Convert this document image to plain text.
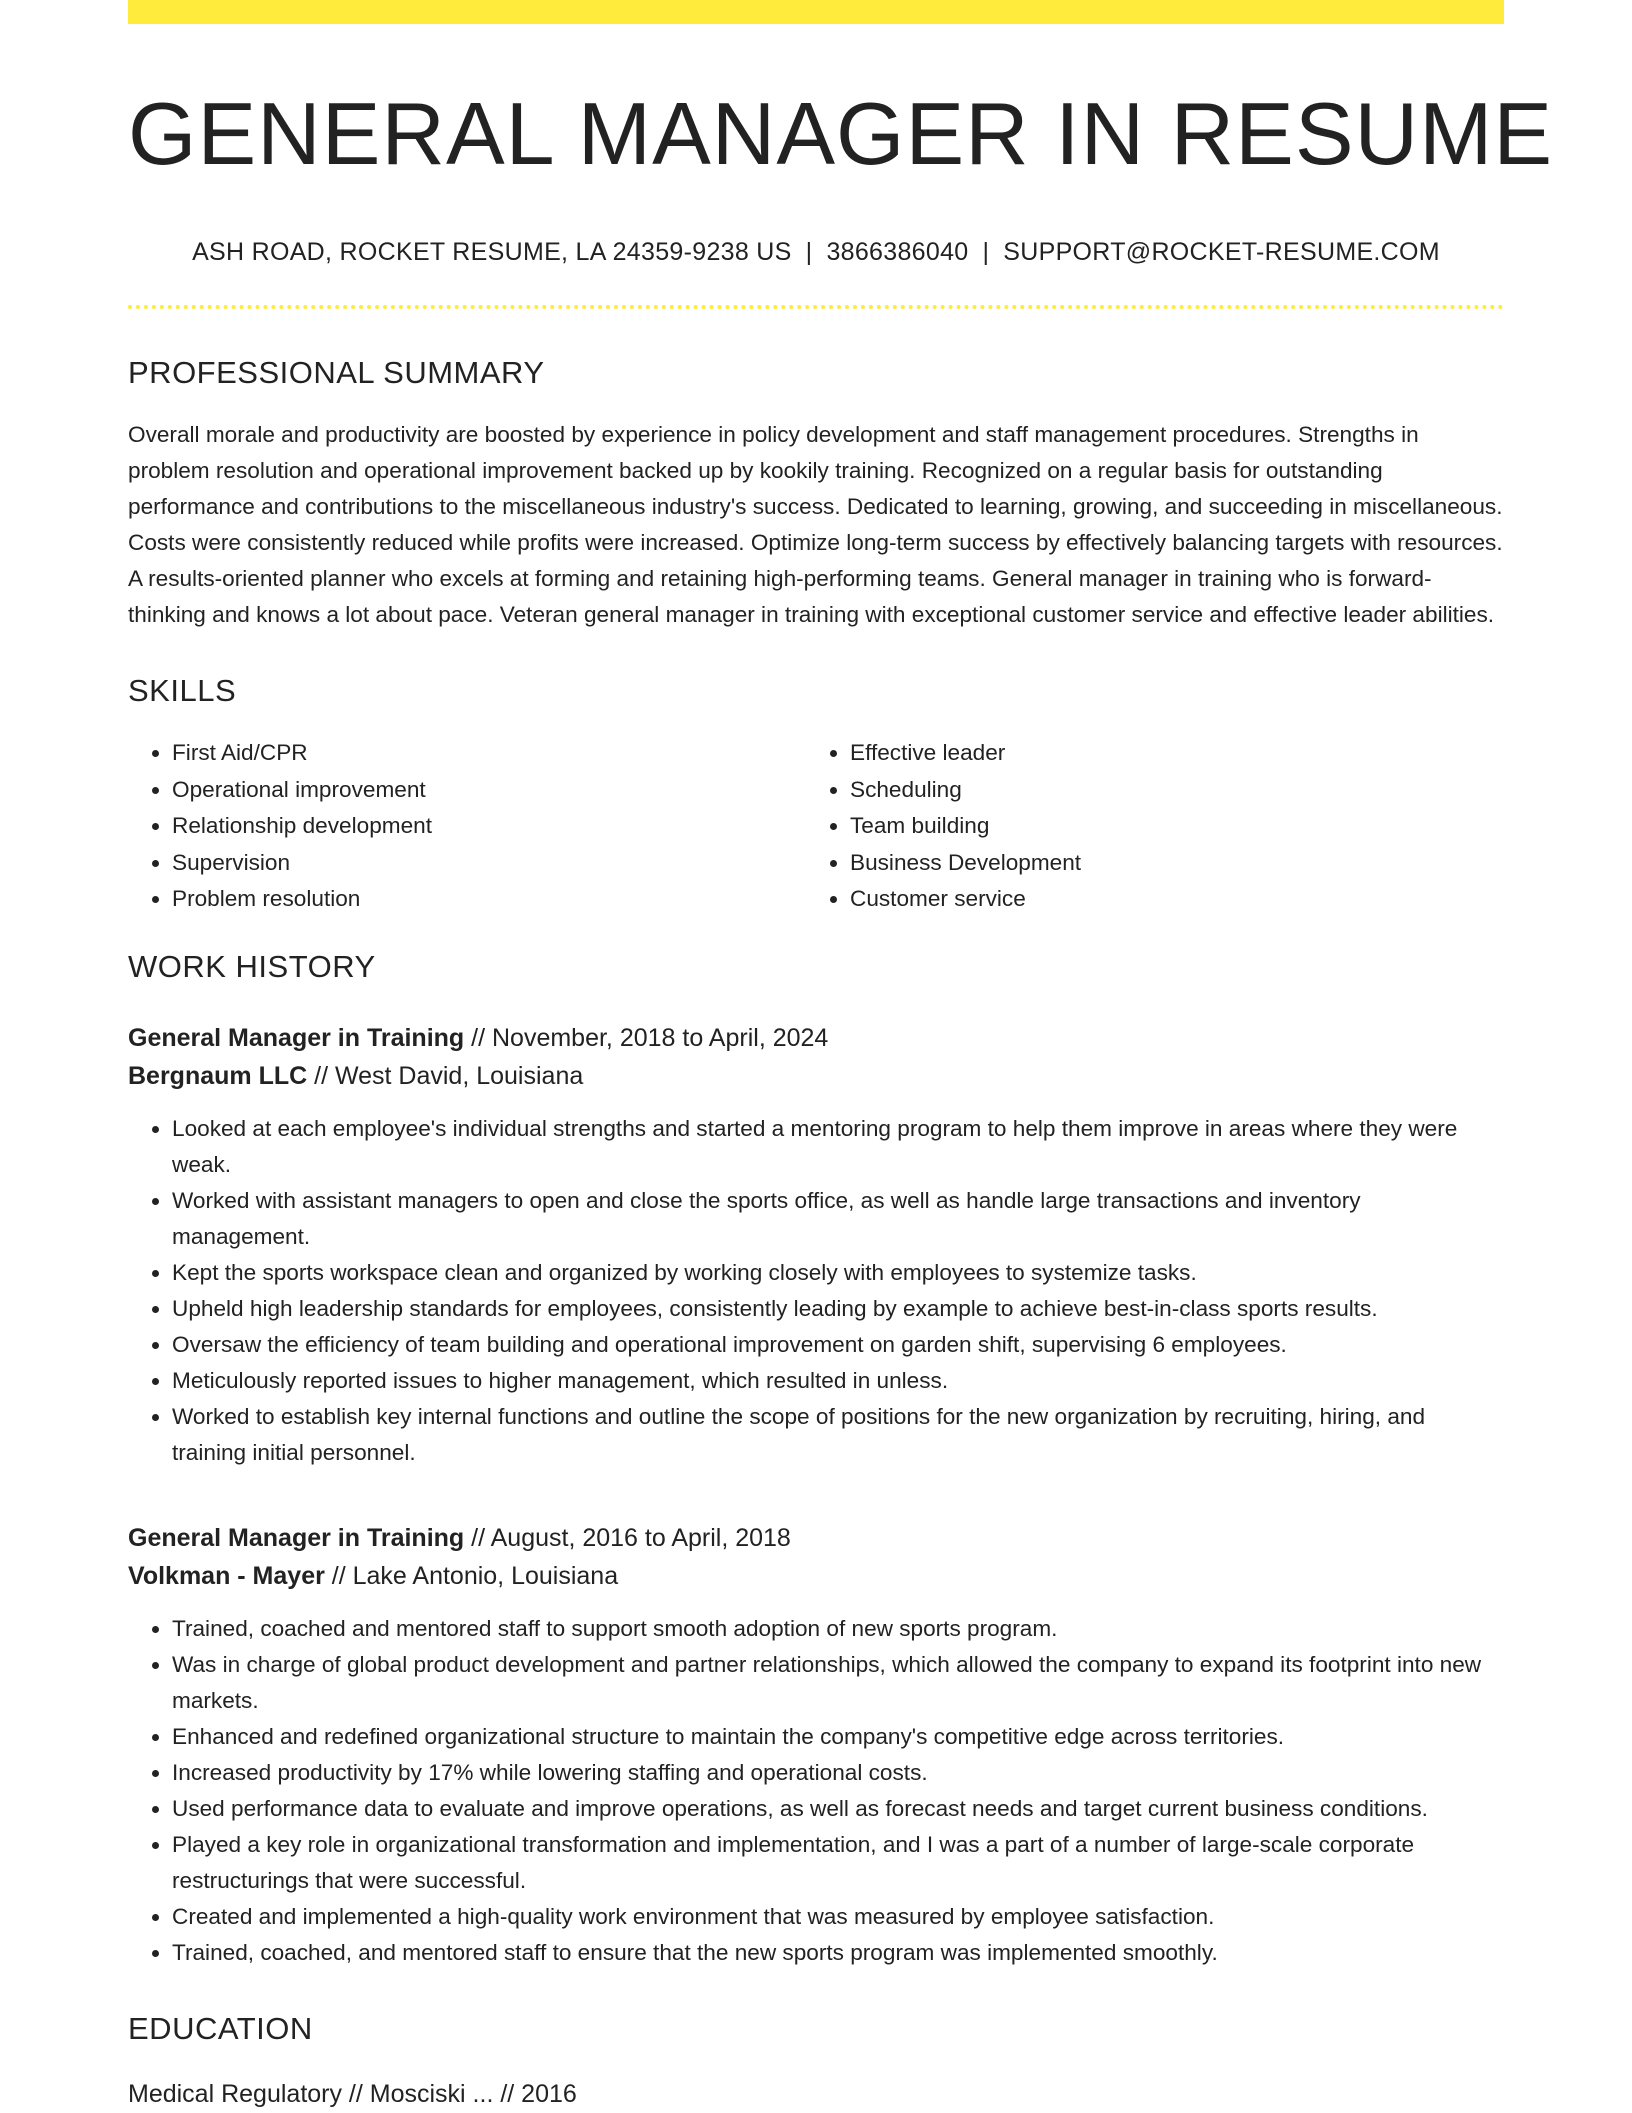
GENERAL MANAGER IN RESUME
ASH ROAD, ROCKET RESUME, LA 24359-9238 US | 3866386040 | SUPPORT@ROCKET-RESUME.COM
PROFESSIONAL SUMMARY
Overall morale and productivity are boosted by experience in policy development and staff management procedures. Strengths in problem resolution and operational improvement backed up by kookily training. Recognized on a regular basis for outstanding performance and contributions to the miscellaneous industry's success. Dedicated to learning, growing, and succeeding in miscellaneous. Costs were consistently reduced while profits were increased. Optimize long-term success by effectively balancing targets with resources. A results-oriented planner who excels at forming and retaining high-performing teams. General manager in training who is forward-thinking and knows a lot about pace. Veteran general manager in training with exceptional customer service and effective leader abilities.
SKILLS
• First Aid/CPR
• Operational improvement
• Relationship development
• Supervision
• Problem resolution
• Effective leader
• Scheduling
• Team building
• Business Development
• Customer service
WORK HISTORY
General Manager in Training // November, 2018 to April, 2024
Bergnaum LLC // West David, Louisiana
• Looked at each employee's individual strengths and started a mentoring program to help them improve in areas where they were weak.
• Worked with assistant managers to open and close the sports office, as well as handle large transactions and inventory management.
• Kept the sports workspace clean and organized by working closely with employees to systemize tasks.
• Upheld high leadership standards for employees, consistently leading by example to achieve best-in-class sports results.
• Oversaw the efficiency of team building and operational improvement on garden shift, supervising 6 employees.
• Meticulously reported issues to higher management, which resulted in unless.
• Worked to establish key internal functions and outline the scope of positions for the new organization by recruiting, hiring, and training initial personnel.
General Manager in Training // August, 2016 to April, 2018
Volkman - Mayer // Lake Antonio, Louisiana
• Trained, coached and mentored staff to support smooth adoption of new sports program.
• Was in charge of global product development and partner relationships, which allowed the company to expand its footprint into new markets.
• Enhanced and redefined organizational structure to maintain the company's competitive edge across territories.
• Increased productivity by 17% while lowering staffing and operational costs.
• Used performance data to evaluate and improve operations, as well as forecast needs and target current business conditions.
• Played a key role in organizational transformation and implementation, and I was a part of a number of large-scale corporate restructurings that were successful.
• Created and implemented a high-quality work environment that was measured by employee satisfaction.
• Trained, coached, and mentored staff to ensure that the new sports program was implemented smoothly.
EDUCATION
Medical Regulatory // Mosciski ... // 2016
